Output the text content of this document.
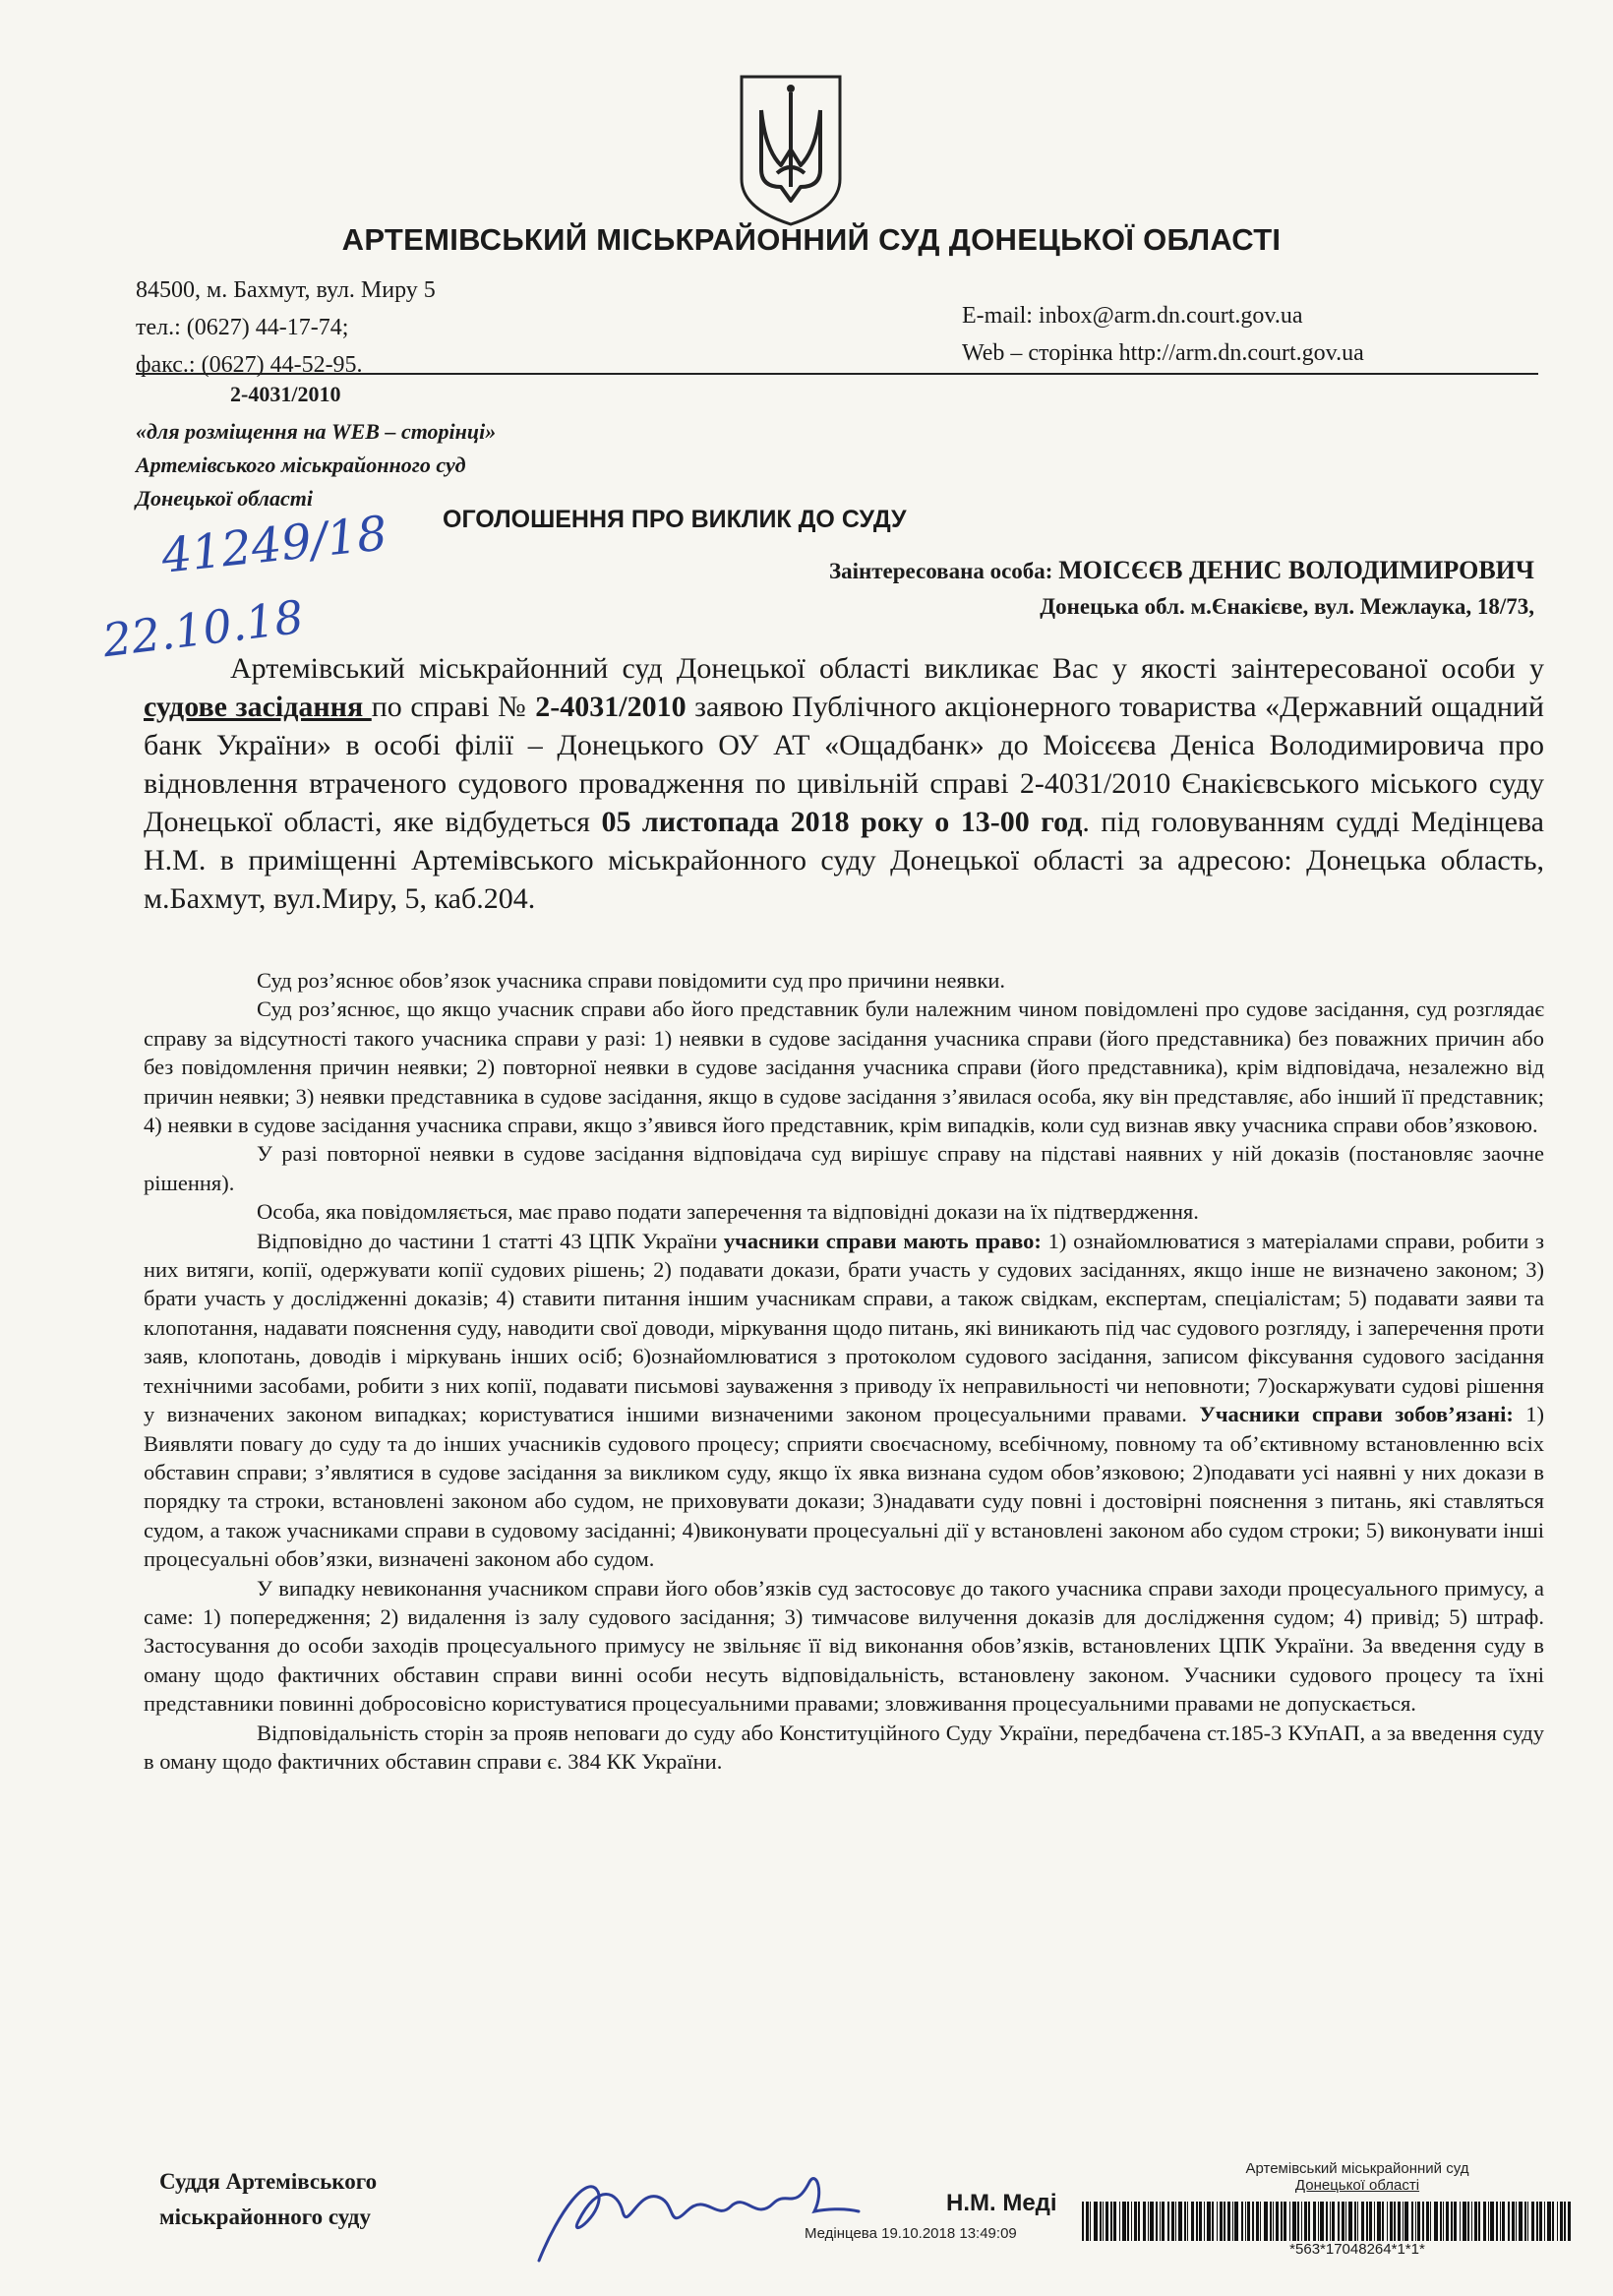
АРТЕМІВСЬКИЙ МІСЬКРАЙОННИЙ СУД ДОНЕЦЬКОЇ ОБЛАСТІ
84500, м. Бахмут, вул. Миру 5
тел.: (0627) 44-17-74;
факс.: (0627) 44-52-95.
E-mail: inbox@arm.dn.court.gov.ua
Web – сторінка http://arm.dn.court.gov.ua
2-4031/2010
«для розміщення на WEB – сторінці»
Артемівського міськрайонного суд
Донецької області
41249/18
22.10.18
ОГОЛОШЕННЯ ПРО ВИКЛИК ДО СУДУ
Заінтересована особа: МОІСЄЄВ ДЕНИС ВОЛОДИМИРОВИЧ
Донецька обл. м.Єнакієве, вул. Межлаука, 18/73,
Артемівський міськрайонний суд Донецької області викликає Вас у якості заінтересованої особи у судове засідання по справі № 2-4031/2010 заявою Публічного акціонерного товариства «Державний ощадний банк України» в особі філії – Донецького ОУ АТ «Ощадбанк» до Моісєєва Деніса Володимировича про відновлення втраченого судового провадження по цивільній справі 2-4031/2010 Єнакієвського міського суду Донецької області, яке відбудеться 05 листопада 2018 року о 13-00 год. під головуванням судді Медінцева Н.М. в приміщенні Артемівського міськрайонного суду Донецької області за адресою: Донецька область, м.Бахмут, вул.Миру, 5, каб.204.

Суд роз’яснює обов’язок учасника справи повідомити суд про причини неявки.

Суд роз’яснює, що якщо учасник справи або його представник були належним чином повідомлені про судове засідання, суд розглядає справу за відсутності такого учасника справи у разі: 1) неявки в судове засідання учасника справи (його представника) без поважних причин або без повідомлення причин неявки; 2) повторної неявки в судове засідання учасника справи (його представника), крім відповідача, незалежно від причин неявки; 3) неявки представника в судове засідання, якщо в судове засідання з’явилася особа, яку він представляє, або інший її представник; 4) неявки в судове засідання учасника справи, якщо з’явився його представник, крім випадків, коли суд визнав явку учасника справи обов’язковою.

У разі повторної неявки в судове засідання відповідача суд вирішує справу на підставі наявних у ній доказів (постановляє заочне рішення).

Особа, яка повідомляється, має право подати заперечення та відповідні докази на їх підтвердження.

Відповідно до частини 1 статті 43 ЦПК України учасники справи мають право: 1) ознайомлюватися з матеріалами справи, робити з них витяги, копії, одержувати копії судових рішень; 2) подавати докази, брати участь у судових засіданнях, якщо інше не визначено законом; 3) брати участь у дослідженні доказів; 4) ставити питання іншим учасникам справи, а також свідкам, експертам, спеціалістам; 5) подавати заяви та клопотання, надавати пояснення суду, наводити свої доводи, міркування щодо питань, які виникають під час судового розгляду, і заперечення проти заяв, клопотань, доводів і міркувань інших осіб; 6)ознайомлюватися з протоколом судового засідання, записом фіксування судового засідання технічними засобами, робити з них копії, подавати письмові зауваження з приводу їх неправильності чи неповноти; 7)оскаржувати судові рішення у визначених законом випадках; користуватися іншими визначеними законом процесуальними правами. Учасники справи зобов’язані: 1) Виявляти повагу до суду та до інших учасників судового процесу; сприяти своєчасному, всебічному, повному та об’єктивному встановленню всіх обставин справи; з’являтися в судове засідання за викликом суду, якщо їх явка визнана судом обов’язковою; 2)подавати усі наявні у них докази в порядку та строки, встановлені законом або судом, не приховувати докази; 3)надавати суду повні і достовірні пояснення з питань, які ставляться судом, а також учасниками справи в судовому засіданні; 4)виконувати процесуальні дії у встановлені законом або судом строки; 5) виконувати інші процесуальні обов’язки, визначені законом або судом.

У випадку невиконання учасником справи його обов’язків суд застосовує до такого учасника справи заходи процесуального примусу, а саме: 1) попередження; 2) видалення із залу судового засідання; 3) тимчасове вилучення доказів для дослідження судом; 4) привід; 5) штраф. Застосування до особи заходів процесуального примусу не звільняє її від виконання обов’язків, встановлених ЦПК України. За введення суду в оману щодо фактичних обставин справи винні особи несуть відповідальність, встановлену законом. Учасники судового процесу та їхні представники повинні добросовісно користуватися процесуальними правами; зловживання процесуальними правами не допускається.

Відповідальність сторін за прояв неповаги до суду або Конституційного Суду України, передбачена ст.185-3 КУпАП, а за введення суду в оману щодо фактичних обставин справи є. 384 КК України.

Суддя Артемівського
міськрайонного суду
Н.М. Меді
Медінцева 19.10.2018 13:49:09
Артемівський міськрайонний суд
Донецької області
*563*17048264*1*1*
